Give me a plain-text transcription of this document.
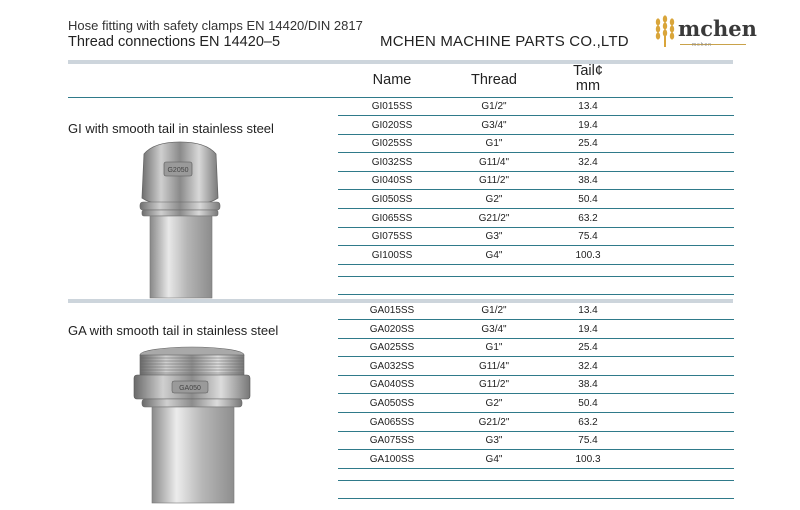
Hose fitting with safety clamps EN 14420/DIN 2817
Thread connections EN 14420–5	MCHEN MACHINE PARTS CO.,LTD
mchen
mchen
Name	Thread
Tail¢
mm
GI with smooth tail in stainless steel
GI015SS	G1/2"	13.4
GI020SS	G3/4"	19.4
GI025SS	G1"	25.4
GI032SS	G11/4"	32.4
GI040SS	G11/2"	38.4
GI050SS	G2"	50.4
GI065SS	G21/2"	63.2
GI075SS	G3"	75.4
GI100SS	G4"	100.3
G2050
GA with smooth tail in stainless steel
GA015SS	G1/2"	13.4
GA020SS	G3/4"	19.4
GA025SS	G1"	25.4
GA032SS	G11/4"	32.4
GA040SS	G11/2"	38.4
GA050SS	G2"	50.4
GA065SS	G21/2"	63.2
GA075SS	G3"	75.4
GA100SS	G4"	100.3
GA050
